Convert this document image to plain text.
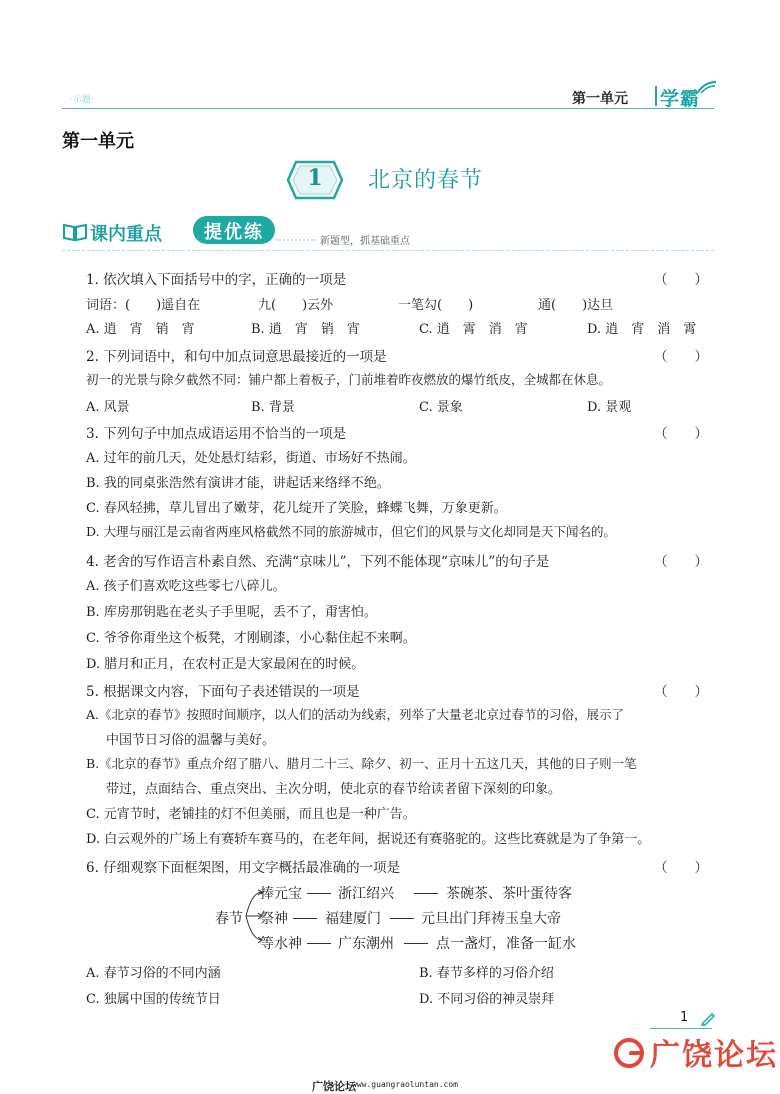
·示题·	第一单元 学霸
第一单元
1	北京的春节
课内重点	提优练	新题型，抓基础重点
1. 依次填入下面括号中的字，正确的一项是	（　　）
词语：(　　)遥自在	九(　　)云外	一笔勾(　　)	通(　　)达旦
A. 逍　宵　销　宵	B. 逍　宵　销　宵	C. 逍　霄　消　宵	D. 逍　宵　消　霄
2. 下列词语中，和句中加点词意思最接近的一项是	（　　）
初一的光景与除夕截然不同：铺户都上着板子，门前堆着昨夜燃放的爆竹纸皮，全城都在休息。
A. 风景	B. 背景	C. 景象	D. 景观
3. 下列句子中加点成语运用不恰当的一项是	（　　）
A. 过年的前几天，处处悬灯结彩，街道、市场好不热闹。
B. 我的同桌张浩然有演讲才能，讲起话来络绎不绝。
C. 春风轻拂，草儿冒出了嫩芽，花儿绽开了笑脸，蜂蝶飞舞，万象更新。
D. 大理与丽江是云南省两座风格截然不同的旅游城市，但它们的风景与文化却同是天下闻名的。
4. 老舍的写作语言朴素自然、充满“京味儿”，下列不能体现“京味儿”的句子是	（　　）
A. 孩子们喜欢吃这些零七八碎儿。
B. 库房那钥匙在老头子手里呢，丢不了，甭害怕。
C. 爷爷你甭坐这个板凳，才刚刷漆，小心黏住起不来啊。
D. 腊月和正月，在农村正是大家最闲在的时候。
5. 根据课文内容，下面句子表述错误的一项是	（　　）
A.《北京的春节》按照时间顺序，以人们的活动为线索，列举了大量老北京过春节的习俗，展示了
中国节日习俗的温馨与美好。
B.《北京的春节》重点介绍了腊八、腊月二十三、除夕、初一、正月十五这几天，其他的日子则一笔
带过，点面结合、重点突出、主次分明，使北京的春节给读者留下深刻的印象。
C. 元宵节时，老铺挂的灯不但美丽，而且也是一种广告。
D. 白云观外的广场上有赛轿车赛马的，在老年间，据说还有赛骆驼的。这些比赛就是为了争第一。
6. 仔细观察下面框架图，用文字概括最准确的一项是	（　　）
春节
捧元宝	浙江绍兴	茶碗茶、茶叶蛋待客
祭神	福建厦门	元旦出门拜祷玉皇大帝
等水神	广东潮州	点一盏灯，准备一缸水
A. 春节习俗的不同内涵	B. 春节多样的习俗介绍
C. 独属中国的传统节日	D. 不同习俗的神灵崇拜
1
广饶论坛
www.guangraoluntan.com
广饶论坛
